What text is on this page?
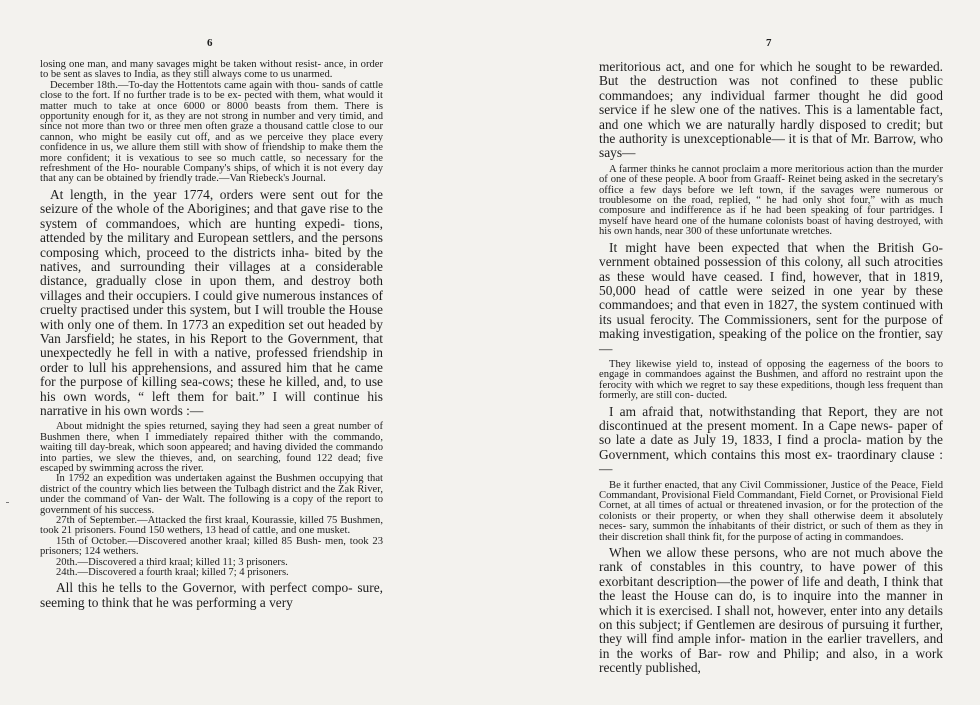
6

losing one man, and many savages might be taken without resist- ance, in order to be sent as slaves to India, as they still always come to us unarmed.

December 18th.—To-day the Hottentots came again with thou- sands of cattle close to the fort. If no further trade is to be ex- pected with them, what would it matter much to take at once 6000 or 8000 beasts from them. There is opportunity enough for it, as they are not strong in number and very timid, and since not more than two or three men often graze a thousand cattle close to our cannon, who might be easily cut off, and as we perceive they place every confidence in us, we allure them still with show of friendship to make them the more confident; it is vexatious to see so much cattle, so necessary for the refreshment of the Ho- nourable Company's ships, of which it is not every day that any can be obtained by friendly trade.—Van Riebeck's Journal.

At length, in the year 1774, orders were sent out for the seizure of the whole of the Aborigines; and that gave rise to the system of commandoes, which are hunting expedi- tions, attended by the military and European settlers, and the persons composing which, proceed to the districts inha- bited by the natives, and surrounding their villages at a considerable distance, gradually close in upon them, and destroy both villages and their occupiers. I could give numerous instances of cruelty practised under this system, but I will trouble the House with only one of them. In 1773 an expedition set out headed by Van Jarsfield; he states, in his Report to the Government, that unexpectedly he fell in with a native, professed friendship in order to lull his apprehensions, and assured him that he came for the purpose of killing sea-cows; these he killed, and, to use his own words, “ left them for bait.” I will continue his narrative in his own words :—

About midnight the spies returned, saying they had seen a great number of Bushmen there, when I immediately repaired thither with the commando, waiting till day-break, which soon appeared; and having divided the commando into parties, we slew the thieves, and, on searching, found 122 dead; five escaped by swimming across the river.

In 1792 an expedition was undertaken against the Bushmen occupying that district of the country which lies between the Tulbagh district and the Zak River, under the command of Van- der Walt. The following is a copy of the report to government of his success.

27th of September.—Attacked the first kraal, Kourassie, killed 75 Bushmen, took 21 prisoners. Found 150 wethers, 13 head of cattle, and one musket.

15th of October.—Discovered another kraal; killed 85 Bush- men, took 23 prisoners; 124 wethers.

20th.—Discovered a third kraal; killed 11; 3 prisoners.

24th.—Discovered a fourth kraal; killed 7; 4 prisoners.

All this he tells to the Governor, with perfect compo- sure, seeming to think that he was performing a very

7

meritorious act, and one for which he sought to be rewarded. But the destruction was not confined to these public commandoes; any individual farmer thought he did good service if he slew one of the natives. This is a lamentable fact, and one which we are naturally hardly disposed to credit; but the authority is unexceptionable— it is that of Mr. Barrow, who says—

A farmer thinks he cannot proclaim a more meritorious action than the murder of one of these people. A boor from Graaff- Reinet being asked in the secretary's office a few days before we left town, if the savages were numerous or troublesome on the road, replied, “ he had only shot four,” with as much composure and indifference as if he had been speaking of four partridges. I myself have heard one of the humane colonists boast of having destroyed, with his own hands, near 300 of these unfortunate wretches.

It might have been expected that when the British Go- vernment obtained possession of this colony, all such atrocities as these would have ceased. I find, however, that in 1819, 50,000 head of cattle were seized in one year by these commandoes; and that even in 1827, the system continued with its usual ferocity. The Commissioners, sent for the purpose of making investigation, speaking of the police on the frontier, say—

They likewise yield to, instead of opposing the eagerness of the boors to engage in commandoes against the Bushmen, and afford no restraint upon the ferocity with which we regret to say these expeditions, though less frequent than formerly, are still con- ducted.

I am afraid that, notwithstanding that Report, they are not discontinued at the present moment. In a Cape news- paper of so late a date as July 19, 1833, I find a procla- mation by the Government, which contains this most ex- traordinary clause :—

Be it further enacted, that any Civil Commissioner, Justice of the Peace, Field Commandant, Provisional Field Commandant, Field Cornet, or Provisional Field Cornet, at all times of actual or threatened invasion, or for the protection of the colonists or their property, or when they shall otherwise deem it absolutely neces- sary, summon the inhabitants of their district, or such of them as they in their discretion shall think fit, for the purpose of acting in commandoes.

When we allow these persons, who are not much above the rank of constables in this country, to have power of this exorbitant description—the power of life and death, I think that the least the House can do, is to inquire into the manner in which it is exercised. I shall not, however, enter into any details on this subject; if Gentlemen are desirous of pursuing it further, they will find ample infor- mation in the earlier travellers, and in the works of Bar- row and Philip; and also, in a work recently published,
